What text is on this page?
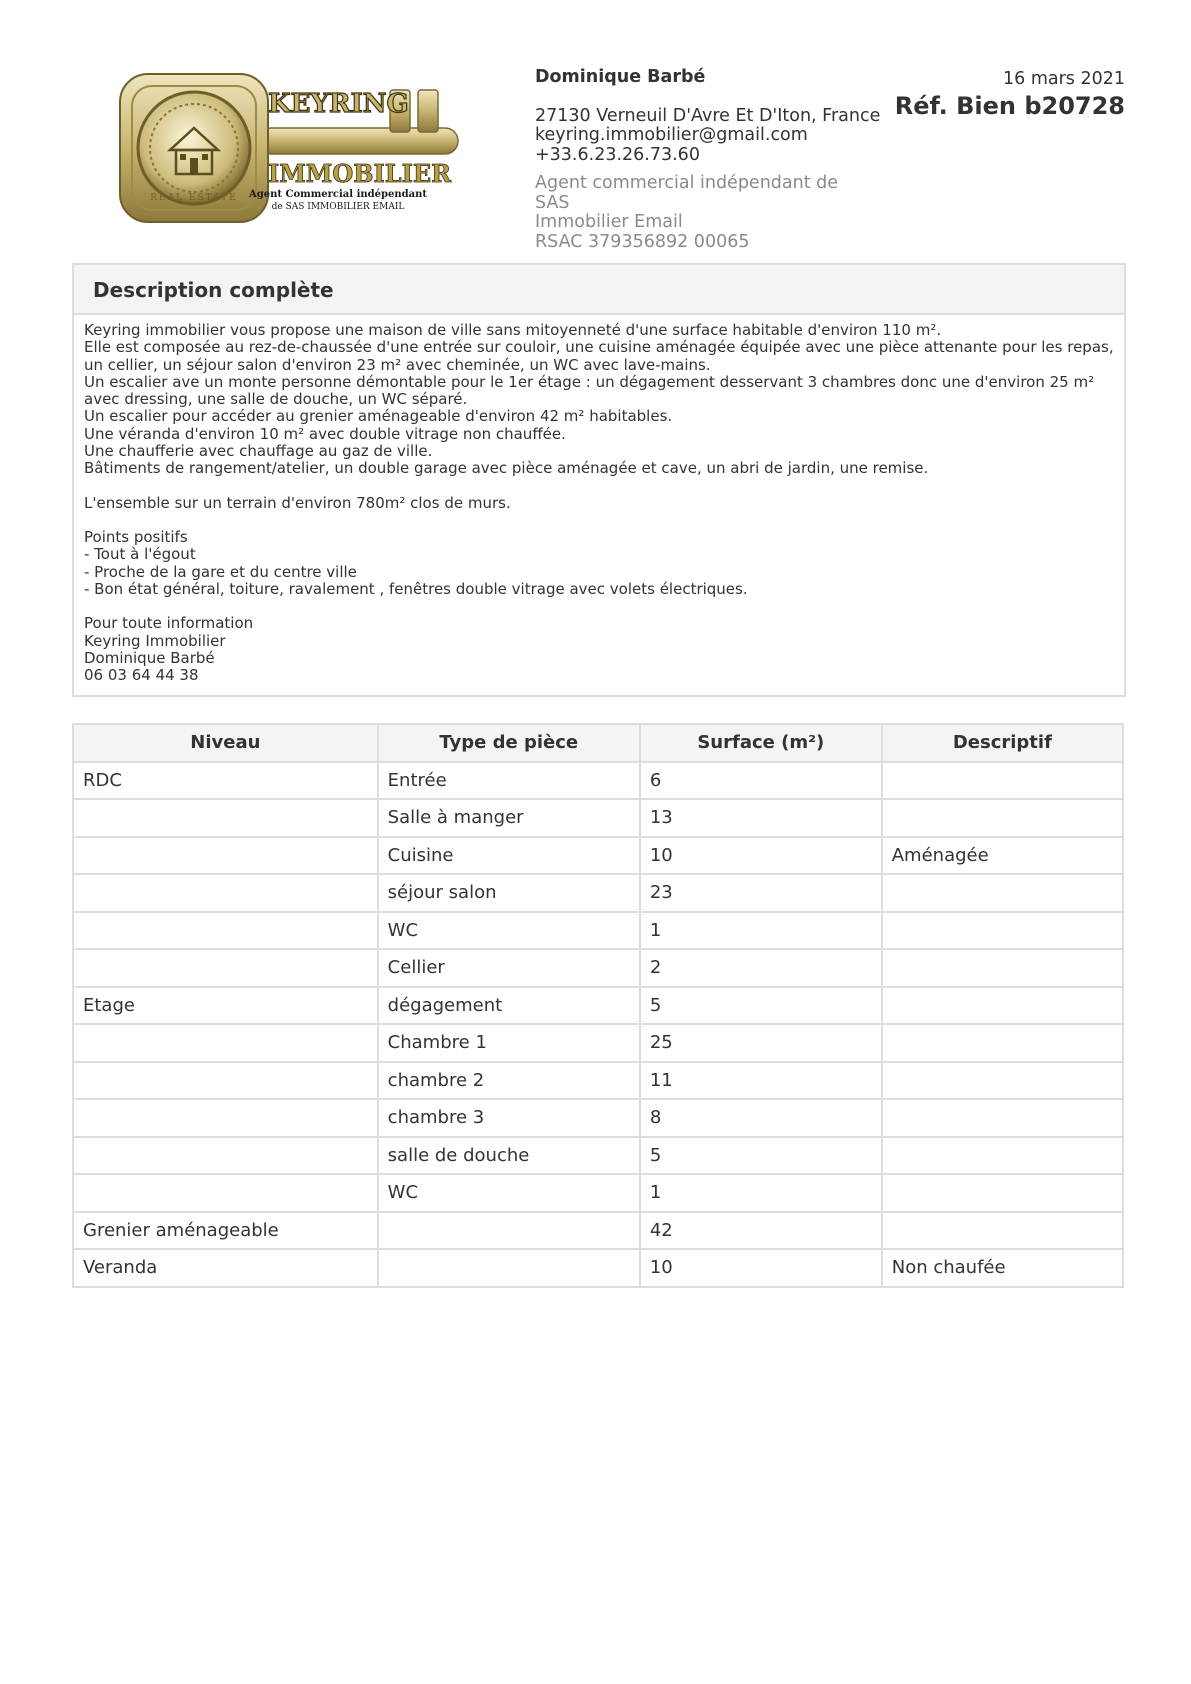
REAL ESTATE
KEYRING
IMMOBILIER
Agent Commercial indépendant
de SAS IMMOBILIER EMAIL
Dominique Barbé
27130 Verneuil D'Avre Et D'Iton, France
keyring.immobilier@gmail.com
+33.6.23.26.73.60
Agent commercial indépendant de SAS
Immobilier Email
RSAC 379356892 00065
16 mars 2021
Réf. Bien b20728
Description complète
Keyring immobilier vous propose une maison de ville sans mitoyenneté d'une surface habitable d'environ 110 m².
Elle est composée au rez-de-chaussée d'une entrée sur couloir, une cuisine aménagée équipée avec une pièce attenante pour les repas,
un cellier, un séjour salon d'environ 23 m² avec cheminée, un WC avec lave-mains.
Un escalier ave un monte personne démontable pour le 1er étage : un dégagement desservant 3 chambres donc une d'environ 25 m²
avec dressing, une salle de douche, un WC séparé.
Un escalier pour accéder au grenier aménageable d'environ 42 m² habitables.
Une véranda d'environ 10 m² avec double vitrage non chauffée.
Une chaufferie avec chauffage au gaz de ville.
Bâtiments de rangement/atelier, un double garage avec pièce aménagée et cave, un abri de jardin, une remise.
L'ensemble sur un terrain d'environ 780m² clos de murs.
Points positifs
- Tout à l'égout
- Proche de la gare et du centre ville
- Bon état général, toiture, ravalement , fenêtres double vitrage avec volets électriques.
Pour toute information
Keyring Immobilier
Dominique Barbé
06 03 64 44 38
Niveau	Type de pièce	Surface (m²)	Descriptif
RDC	Entrée	6	
	Salle à manger	13	
	Cuisine	10	Aménagée
	séjour salon	23	
	WC	1	
	Cellier	2	
Etage	dégagement	5	
	Chambre 1	25	
	chambre 2	11	
	chambre 3	8	
	salle de douche	5	
	WC	1	
Grenier aménageable		42	
Veranda		10	Non chaufée
